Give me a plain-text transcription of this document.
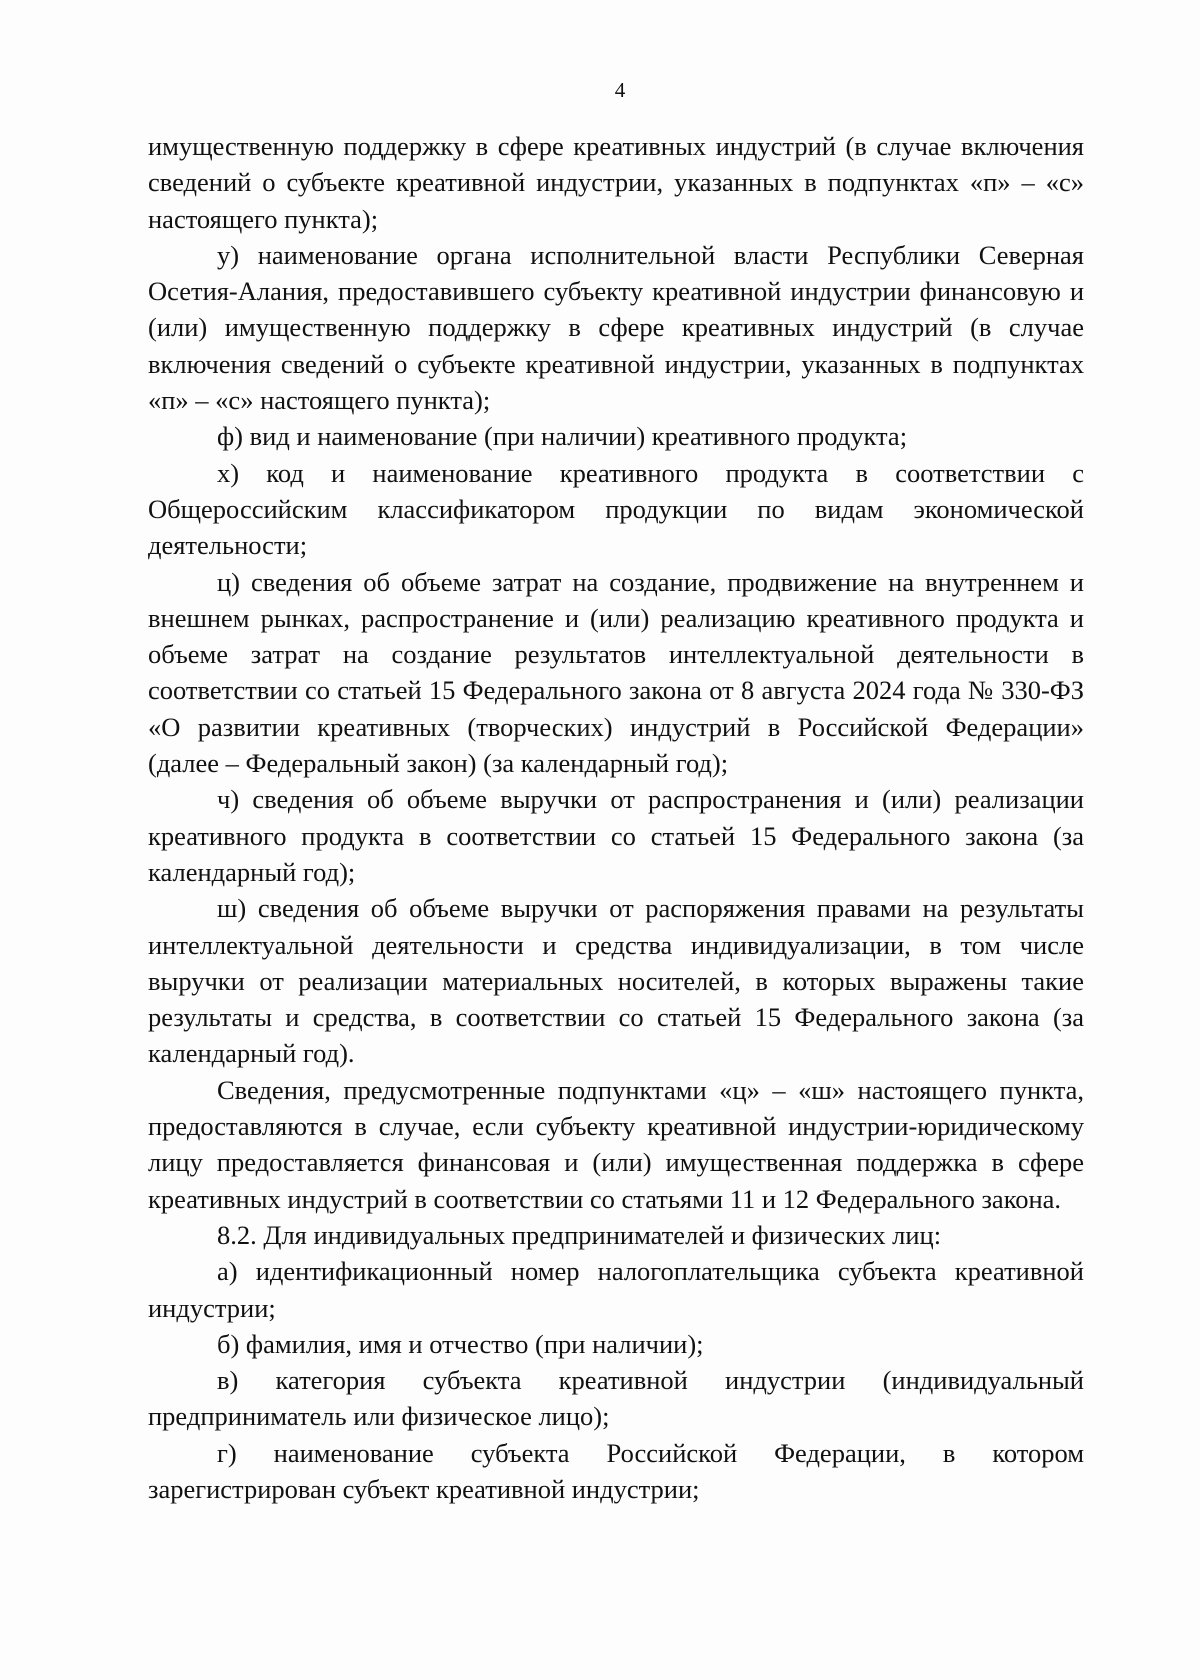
4

имущественную поддержку в сфере креативных индустрий (в случае включения сведений о субъекте креативной индустрии, указанных в подпунктах «п» – «с» настоящего пункта);

у) наименование органа исполнительной власти Республики Северная Осетия-Алания, предоставившего субъекту креативной индустрии финансовую и (или) имущественную поддержку в сфере креативных индустрий (в случае включения сведений о субъекте креативной индустрии, указанных в подпунктах «п» – «с» настоящего пункта);

ф) вид и наименование (при наличии) креативного продукта;

х) код и наименование креативного продукта в соответствии с Общероссийским классификатором продукции по видам экономической деятельности;

ц) сведения об объеме затрат на создание, продвижение на внутреннем и внешнем рынках, распространение и (или) реализацию креативного продукта и объеме затрат на создание результатов интеллектуальной деятельности в соответствии со статьей 15 Федерального закона от 8 августа 2024 года № 330-ФЗ «О развитии креативных (творческих) индустрий в Российской Федерации» (далее – Федеральный закон) (за календарный год);

ч) сведения об объеме выручки от распространения и (или) реализации креативного продукта в соответствии со статьей 15 Федерального закона (за календарный год);

ш) сведения об объеме выручки от распоряжения правами на результаты интеллектуальной деятельности и средства индивидуализации, в том числе выручки от реализации материальных носителей, в которых выражены такие результаты и средства, в соответствии со статьей 15 Федерального закона (за календарный год).

Сведения, предусмотренные подпунктами «ц» – «ш» настоящего пункта, предоставляются в случае, если субъекту креативной индустрии-юридическому лицу предоставляется финансовая и (или) имущественная поддержка в сфере креативных индустрий в соответствии со статьями 11 и 12 Федерального закона.

8.2. Для индивидуальных предпринимателей и физических лиц:

а) идентификационный номер налогоплательщика субъекта креативной индустрии;

б) фамилия, имя и отчество (при наличии);

в) категория субъекта креативной индустрии (индивидуальный предприниматель или физическое лицо);

г) наименование субъекта Российской Федерации, в котором зарегистрирован субъект креативной индустрии;
